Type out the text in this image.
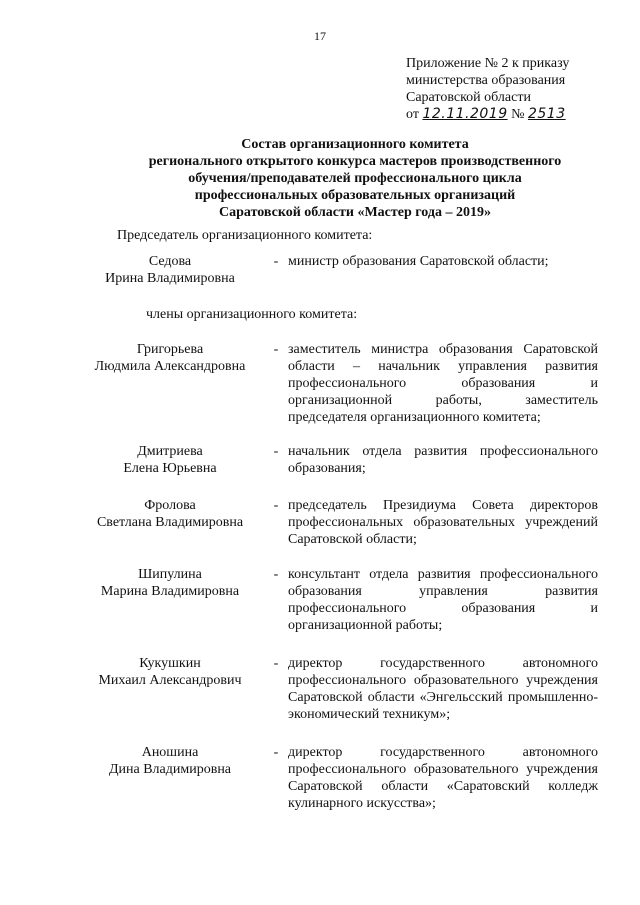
17
Приложение № 2 к приказу
министерства образования
Саратовской области
от 12.11.2019 № 2513
Состав организационного комитета
регионального открытого конкурса мастеров производственного
обучения/преподавателей профессионального цикла
профессиональных образовательных организаций
Саратовской области «Мастер года – 2019»
Председатель организационного комитета:
Седова
Ирина Владимировна
- министр образования Саратовской области;
члены организационного комитета:
Григорьева
Людмила Александровна
- заместитель министра образования Саратовской области – начальник управления развития профессионального образования и организационной работы, заместитель председателя организационного комитета;
Дмитриева
Елена Юрьевна
- начальник отдела развития профессионального образования;
Фролова
Светлана Владимировна
- председатель Президиума Совета директоров профессиональных образовательных учреждений Саратовской области;
Шипулина
Марина Владимировна
- консультант отдела развития профессионального образования управления развития профессионального образования и организационной работы;
Кукушкин
Михаил Александрович
- директор государственного автономного профессионального образовательного учреждения Саратовской области «Энгельсский промышленно-экономический техникум»;
Аношина
Дина Владимировна
- директор государственного автономного профессионального образовательного учреждения Саратовской области «Саратовский колледж кулинарного искусства»;
